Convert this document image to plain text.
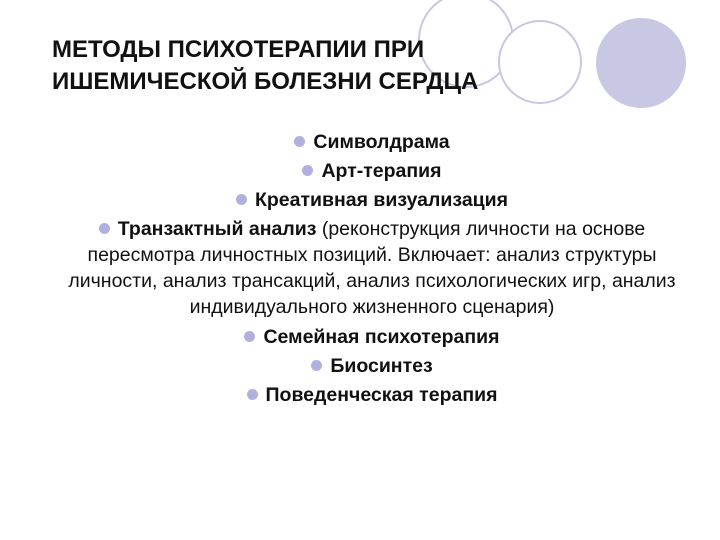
МЕТОДЫ ПСИХОТЕРАПИИ ПРИ
ИШЕМИЧЕСКОЙ БОЛЕЗНИ СЕРДЦА

Символдрама

Арт-терапия

Креативная визуализация

Транзактный анализ (реконструкция личности на основе пересмотра личностных позиций. Включает: анализ структуры личности, анализ трансакций, анализ психологических игр, анализ индивидуального жизненного сценария)

Семейная психотерапия

Биосинтез

Поведенческая терапия
